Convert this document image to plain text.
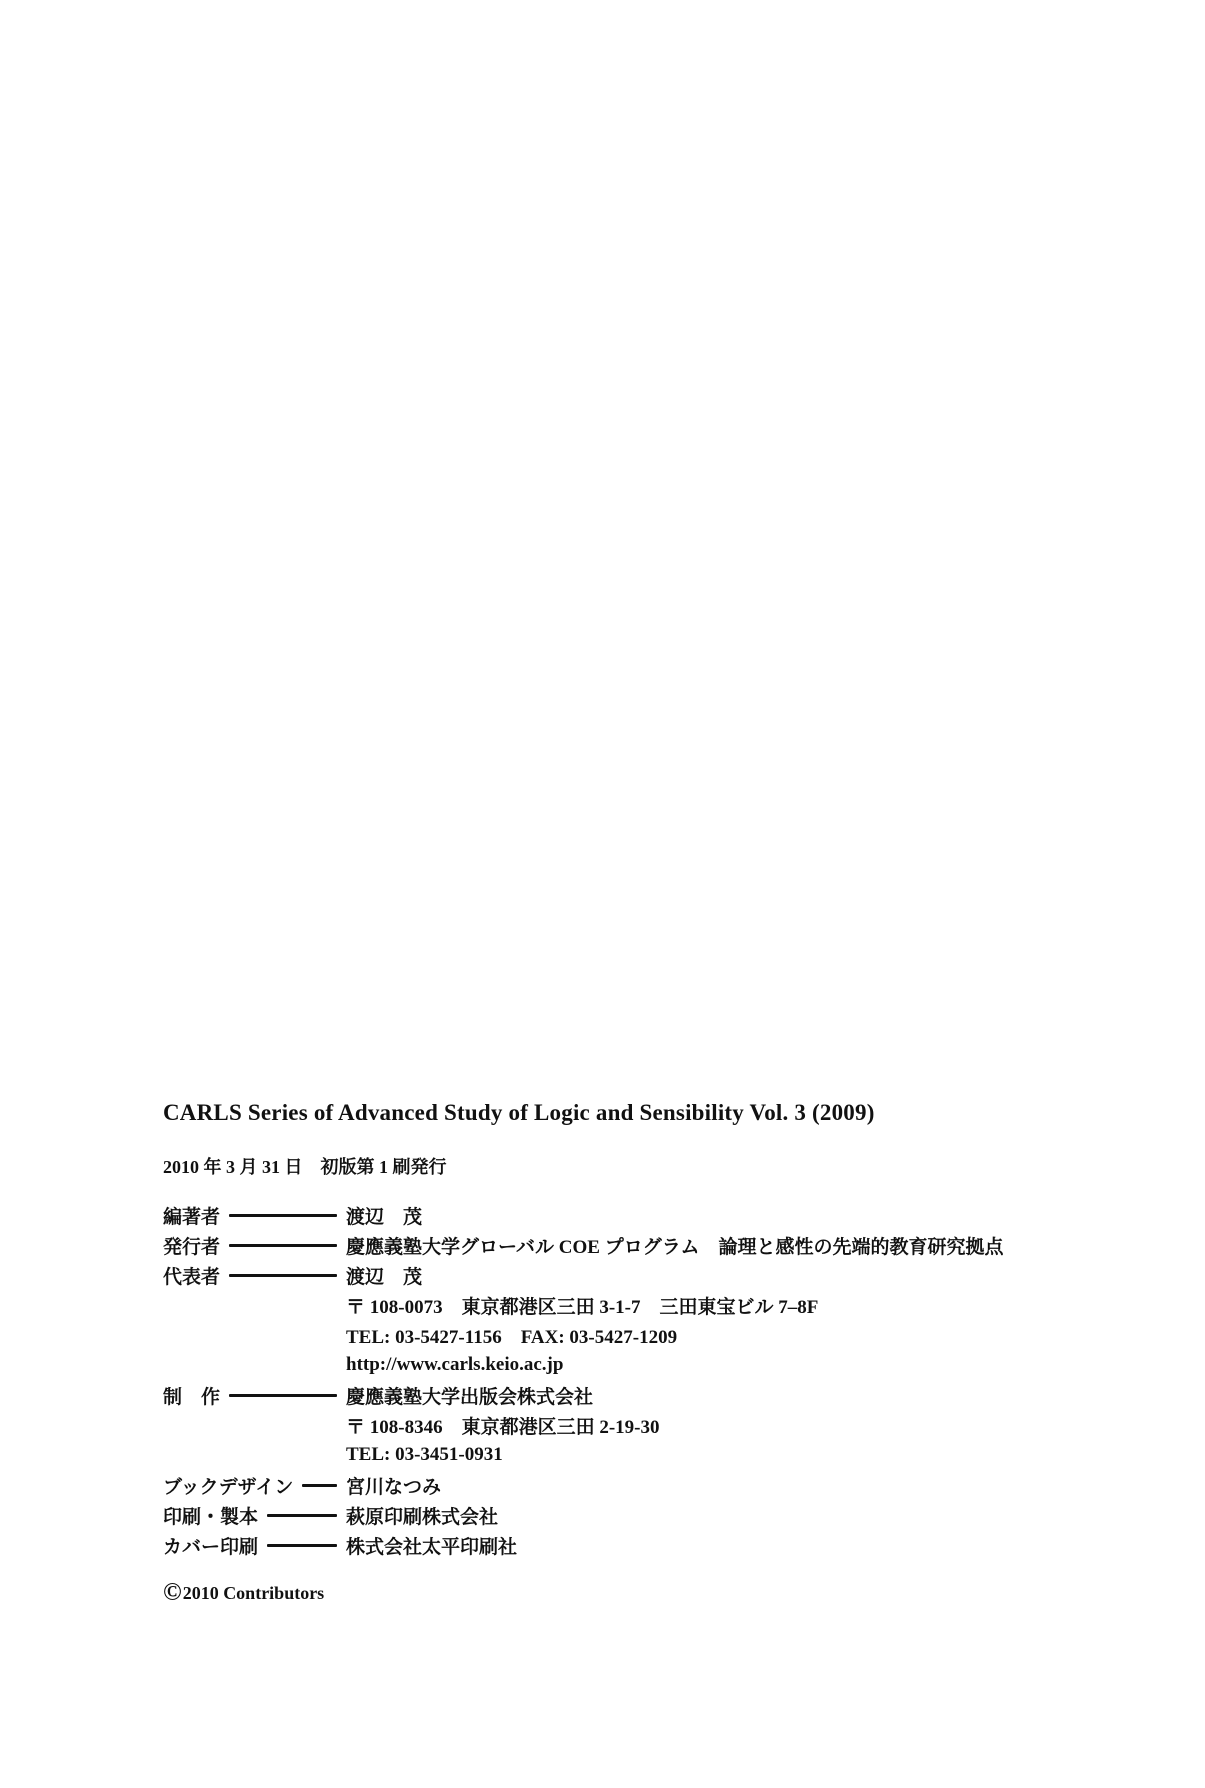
CARLS Series of Advanced Study of Logic and Sensibility Vol. 3 (2009)

2010 年 3 月 31 日　初版第 1 刷発行

編著者	渡辺　茂
発行者	慶應義塾大学グローバル COE プログラム　論理と感性の先端的教育研究拠点
代表者	渡辺　茂
〒 108-0073　東京都港区三田 3-1-7　三田東宝ビル 7–8F
TEL: 03-5427-1156　FAX: 03-5427-1209
http://www.carls.keio.ac.jp
制　作	慶應義塾大学出版会株式会社
〒 108-8346　東京都港区三田 2-19-30
TEL: 03-3451-0931
ブックデザイン	宮川なつみ
印刷・製本	萩原印刷株式会社
カバー印刷	株式会社太平印刷社

© 2010 Contributors
